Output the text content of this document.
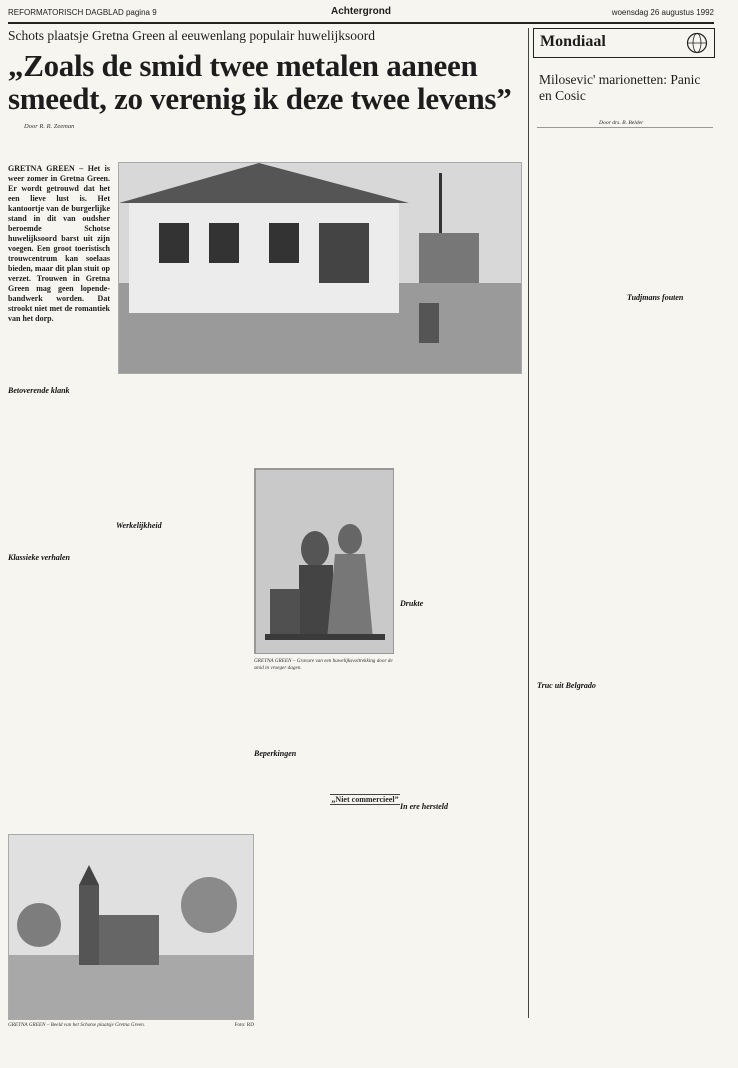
REFORMATORISCH DAGBLAD pagina 9	Achtergrond	woensdag 26 augustus 1992
Schots plaatsje Gretna Green al eeuwenlang populair huwelijksoord
„Zoals de smid twee metalen aaneen smeedt, zo verenig ik deze twee levens”
Door R. R. Zeeman
GRETNA GREEN – Het is weer zomer in Gretna Green. Er wordt getrouwd dat het een lieve lust is. Het kantoortje van de burgerlijke stand in dit van oudsher beroemde Schotse huwelijksoord barst uit zijn voegen. Een groot toeristisch trouwcentrum kan soelaas bieden, maar dit plan stuit op verzet. Trouwen in Gretna Green mag geen lopende-bandwerk worden. Dat strookt niet met de romantiek van het dorp.
Betoverende klank
Klassieke verhalen
Werkelijkheid
GRETNA GREEN – Gravure van een huwelijksvoltrekking door de smid in vroeger dagen.
Beperkingen
„Niet commercieel”
Drukte
In ere hersteld
GRETNA GREEN – Beeld van het Schotse plaatsje Gretna Green.	Foto: RD
Mondiaal
Milosevic' marionetten: Panic en Cosic
Door drs. B. Belder
Truc uit Belgrado
Tudjmans fouten
